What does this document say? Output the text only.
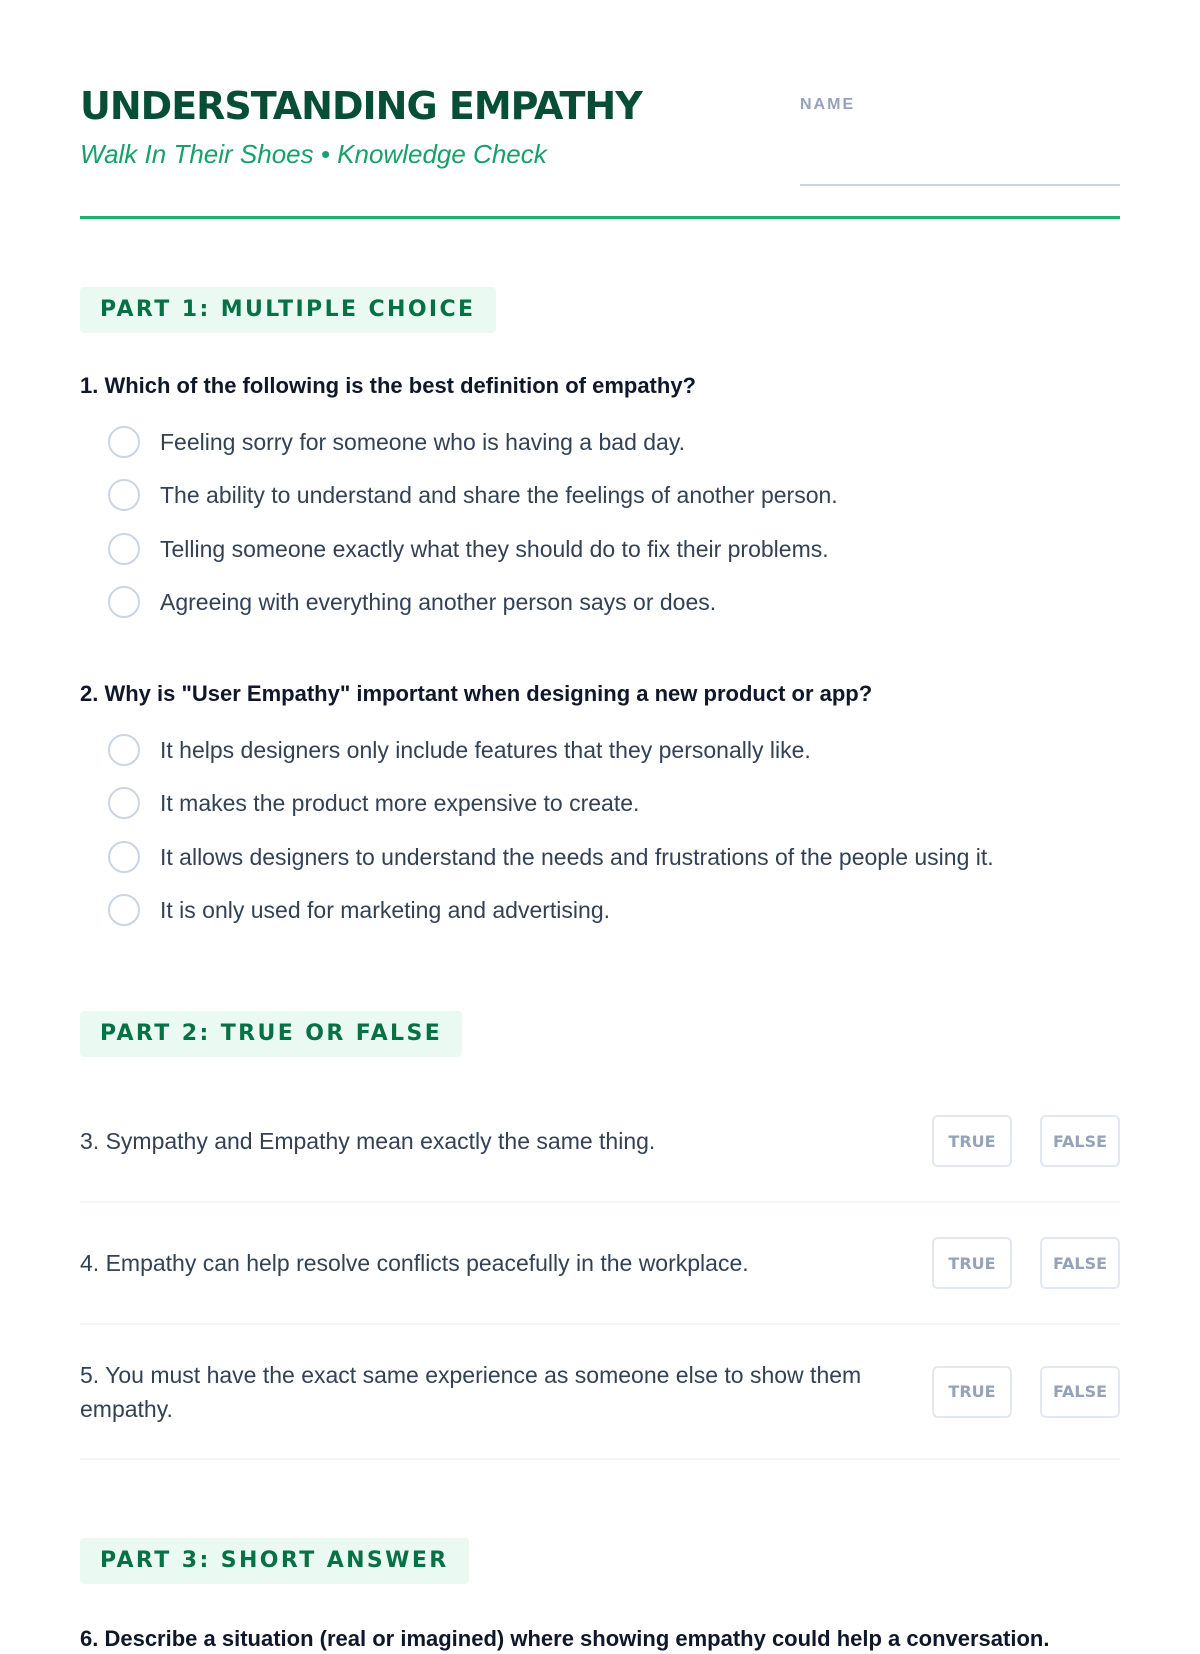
UNDERSTANDING EMPATHY
Walk In Their Shoes • Knowledge Check
NAME
PART 1: MULTIPLE CHOICE
1. Which of the following is the best definition of empathy?
Feeling sorry for someone who is having a bad day.
The ability to understand and share the feelings of another person.
Telling someone exactly what they should do to fix their problems.
Agreeing with everything another person says or does.
2. Why is "User Empathy" important when designing a new product or app?
It helps designers only include features that they personally like.
It makes the product more expensive to create.
It allows designers to understand the needs and frustrations of the people using it.
It is only used for marketing and advertising.
PART 2: TRUE OR FALSE
3. Sympathy and Empathy mean exactly the same thing.	TRUE	FALSE
4. Empathy can help resolve conflicts peacefully in the workplace.	TRUE	FALSE
5. You must have the exact same experience as someone else to show them empathy.
TRUE	FALSE
PART 3: SHORT ANSWER
6. Describe a situation (real or imagined) where showing empathy could help a conversation.
